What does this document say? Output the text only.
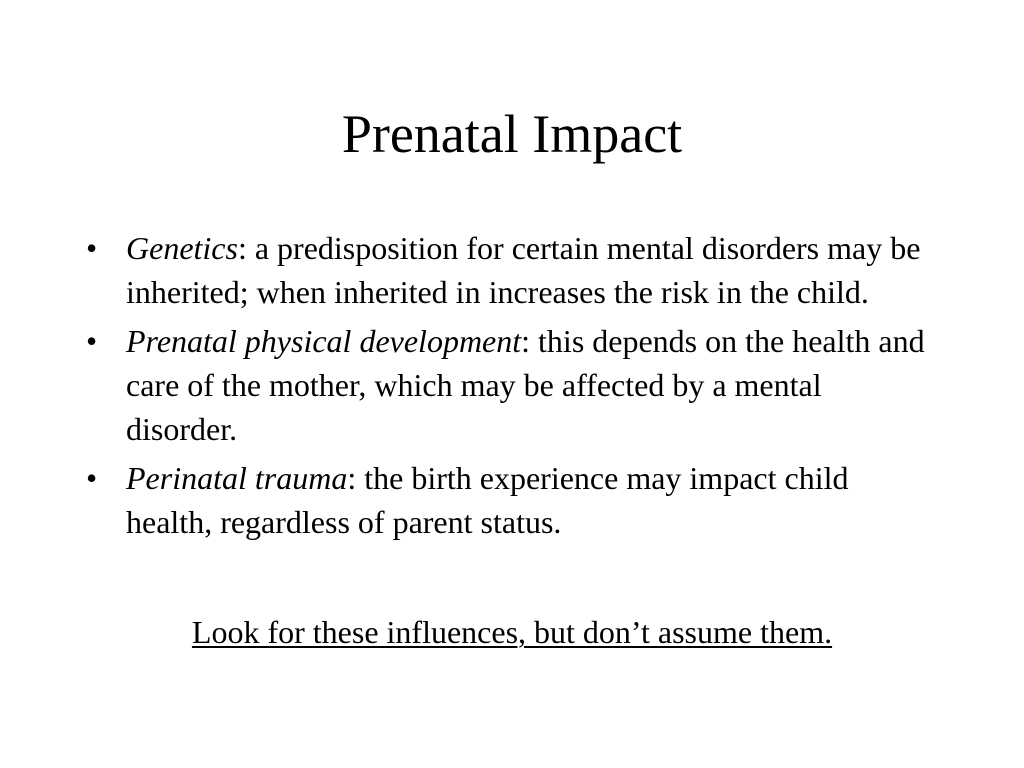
Prenatal Impact
• Genetics: a predisposition for certain mental disorders may be inherited; when inherited in increases the risk in the child.
• Prenatal physical development: this depends on the health and care of the mother, which may be affected by a mental disorder.
• Perinatal trauma: the birth experience may impact child health, regardless of parent status.
Look for these influences, but don’t assume them.
